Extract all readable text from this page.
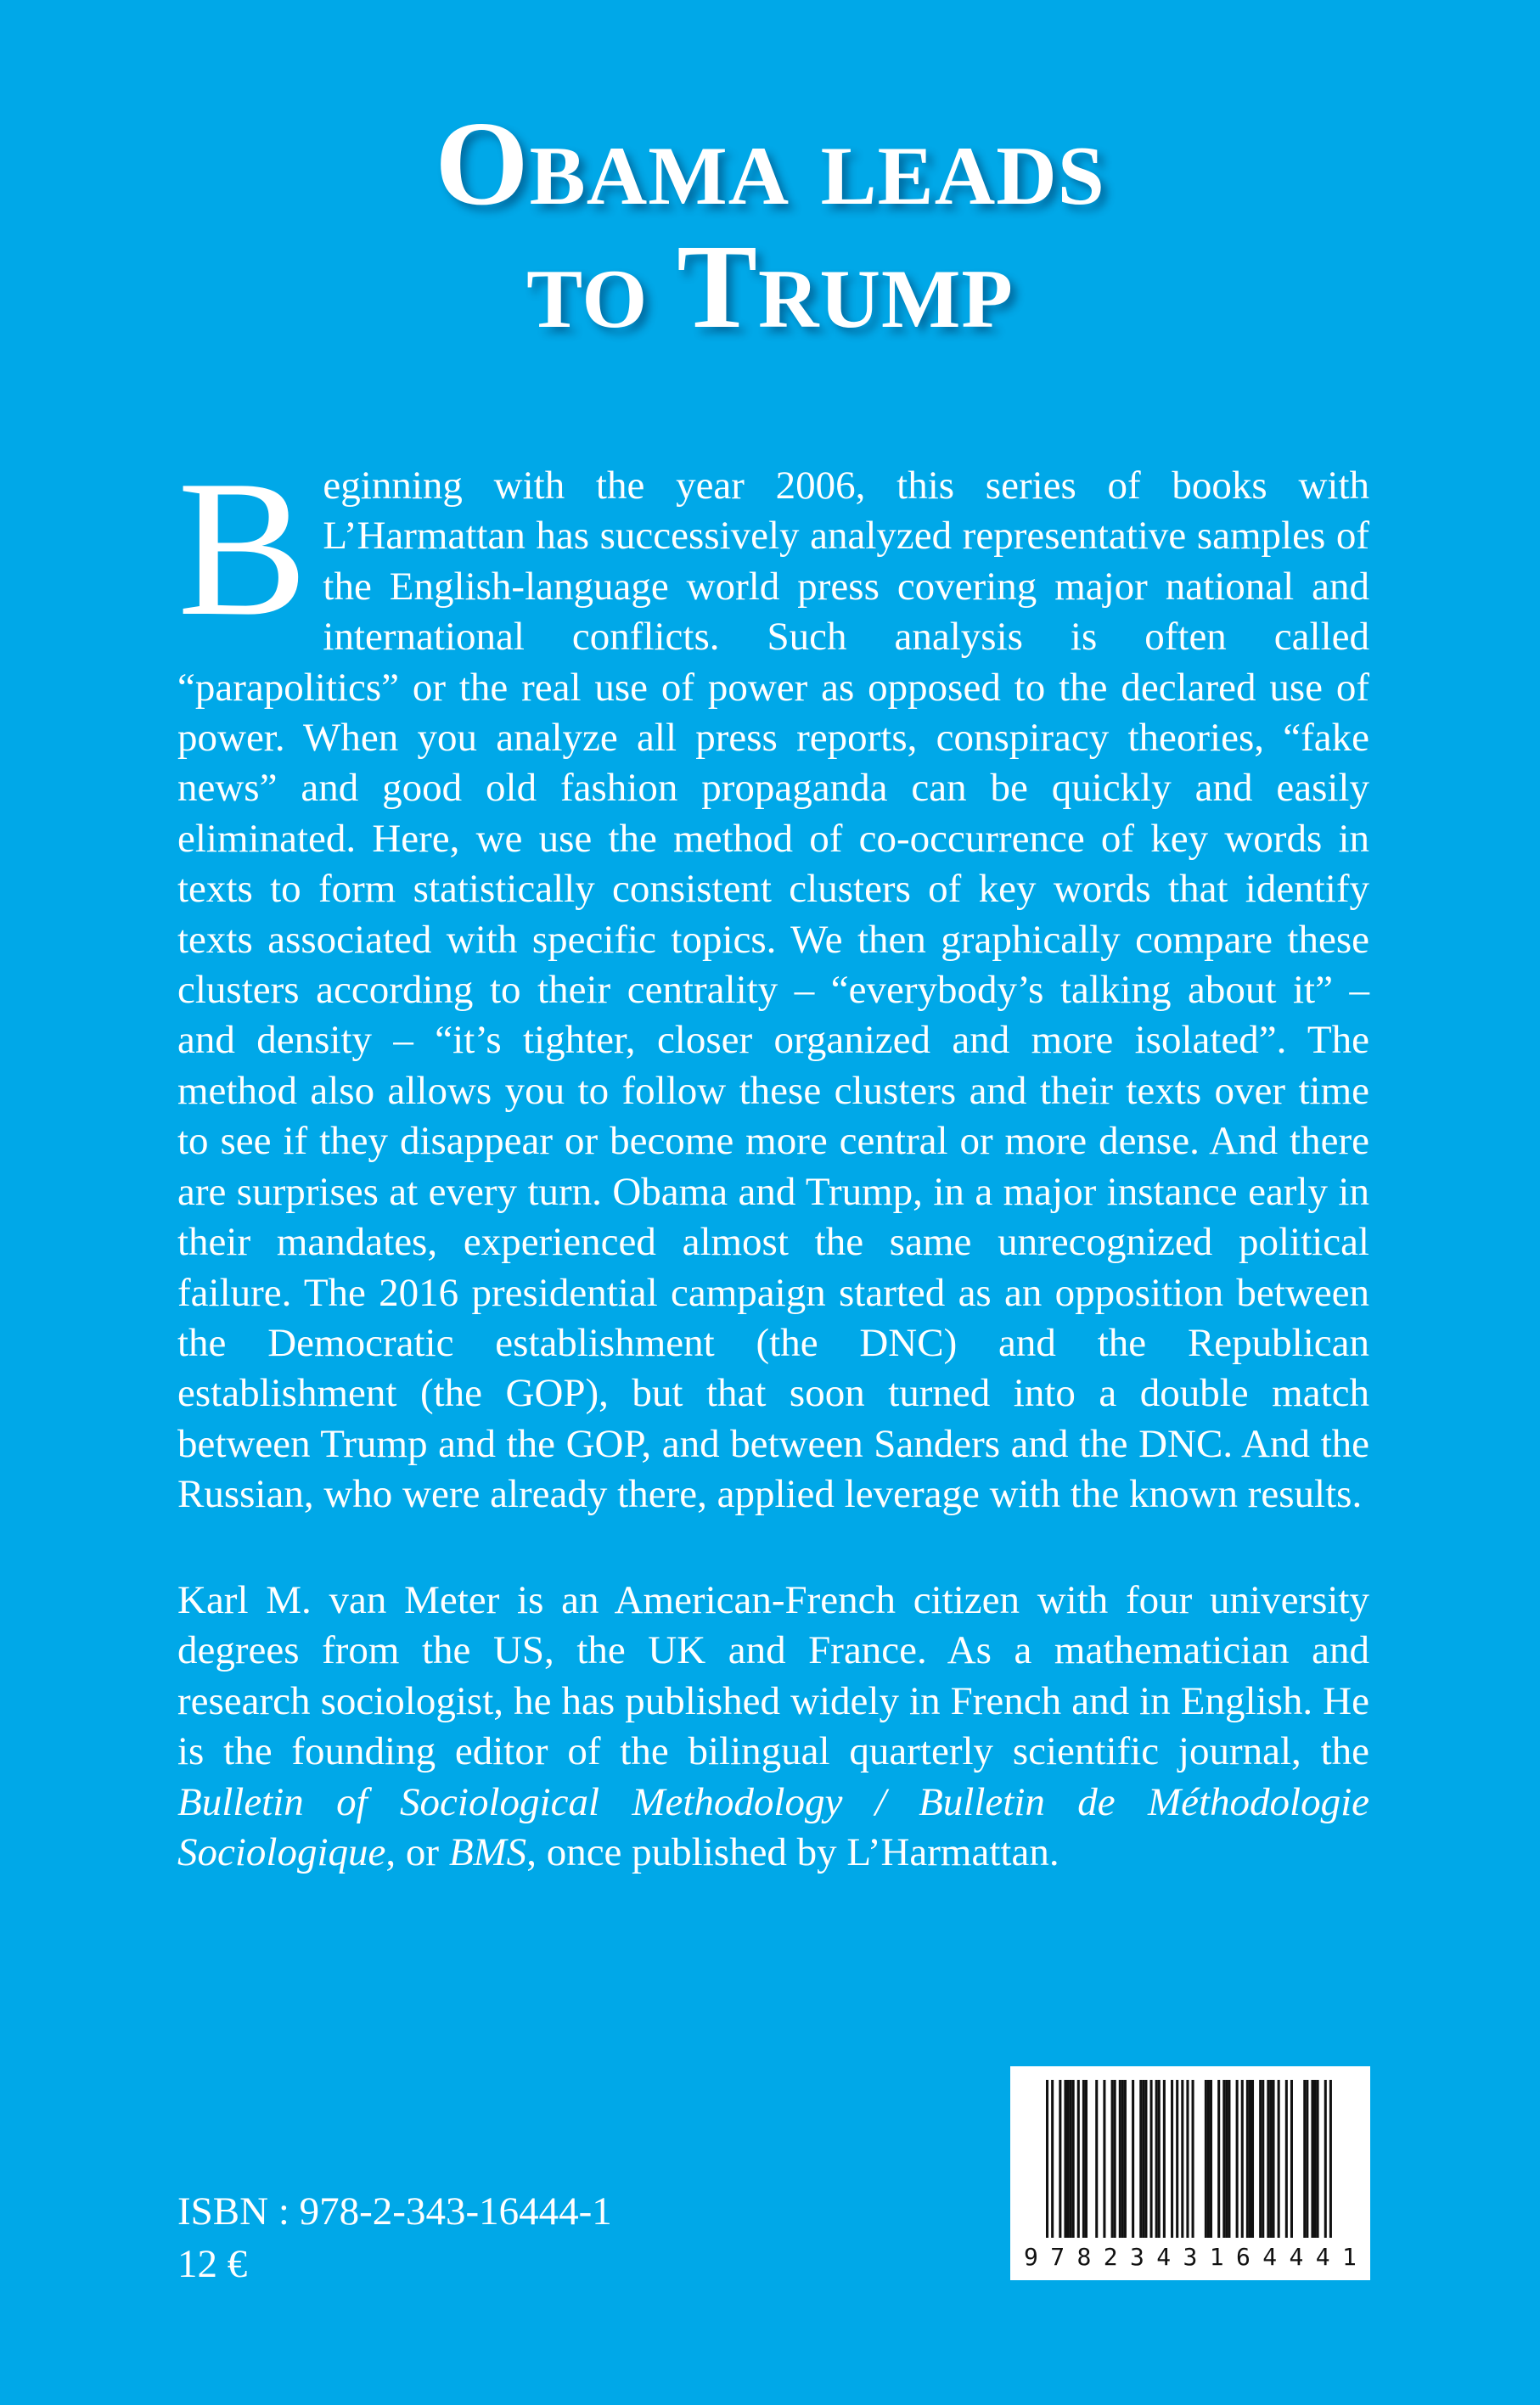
Obama leads
to Trump
B eginning with the year 2006, this series of books with L’Harmattan has successively analyzed representative samples of the English-language world press covering major national and international conflicts. Such analysis is often called “parapolitics” or the real use of power as opposed to the declared use of power. When you analyze all press reports, conspiracy theories, “fake news” and good old fashion propaganda can be quickly and easily eliminated. Here, we use the method of co-occurrence of key words in texts to form statistically consistent clusters of key words that identify texts associated with specific topics. We then graphically compare these clusters according to their centrality – “everybody’s talking about it” – and density – “it’s tighter, closer organized and more isolated”. The method also allows you to follow these clusters and their texts over time to see if they disappear or become more central or more dense. And there are surprises at every turn. Obama and Trump, in a major instance early in their mandates, experienced almost the same unrecognized political failure. The 2016 presidential campaign started as an opposition between the Democratic establishment (the DNC) and the Republican establishment (the GOP), but that soon turned into a double match between Trump and the GOP, and between Sanders and the DNC. And the Russian, who were already there, applied leverage with the known results.
Karl M. van Meter is an American-French citizen with four university degrees from the US, the UK and France. As a mathematician and research sociologist, he has published widely in French and in English. He is the founding editor of the bilingual quarterly scientific journal, the Bulletin of Sociological Methodology / Bulletin de Méthodologie Sociologique, or BMS, once published by L’Harmattan.
ISBN : 978-2-343-16444-1
12 €	9 7 8 2 3 4 3 1 6 4 4 4 1
